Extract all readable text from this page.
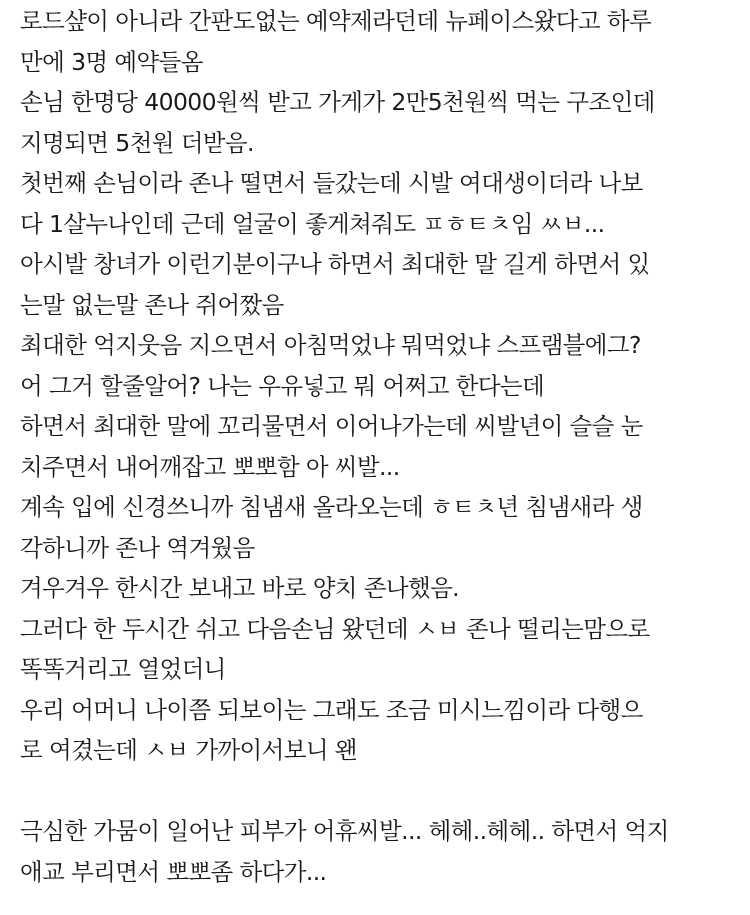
로드샾이 아니라 간판도없는 예약제라던데 뉴페이스왔다고 하루
만에 3명 예약들옴
손님 한명당 40000원씩 받고 가게가 2만5천원씩 먹는 구조인데
지명되면 5천원 더받음.
첫번째 손님이라 존나 떨면서 들갔는데 시발 여대생이더라 나보
다 1살누나인데 근데 얼굴이 좋게쳐줘도 ㅍㅎㅌㅊ임 ㅆㅂ...
아시발 창녀가 이런기분이구나 하면서 최대한 말 길게 하면서 있
는말 없는말 존나 쥐어짰음
최대한 억지웃음 지으면서 아침먹었냐 뭐먹었냐 스프램블에그?
어 그거 할줄알어? 나는 우유넣고 뭐 어쩌고 한다는데
하면서 최대한 말에 꼬리물면서 이어나가는데 씨발년이 슬슬 눈
치주면서 내어깨잡고 뽀뽀함 아 씨발...
계속 입에 신경쓰니까 침냄새 올라오는데 ㅎㅌㅊ년 침냄새라 생
각하니까 존나 역겨웠음
겨우겨우 한시간 보내고 바로 양치 존나했음.
그러다 한 두시간 쉬고 다음손님 왔던데 ㅅㅂ 존나 떨리는맘으로
똑똑거리고 열었더니
우리 어머니 나이쯤 되보이는 그래도 조금 미시느낌이라 다행으
로 여겼는데 ㅅㅂ 가까이서보니 왠
극심한 가뭄이 일어난 피부가 어휴씨발... 헤헤..헤헤.. 하면서 억지
애교 부리면서 뽀뽀좀 하다가...
